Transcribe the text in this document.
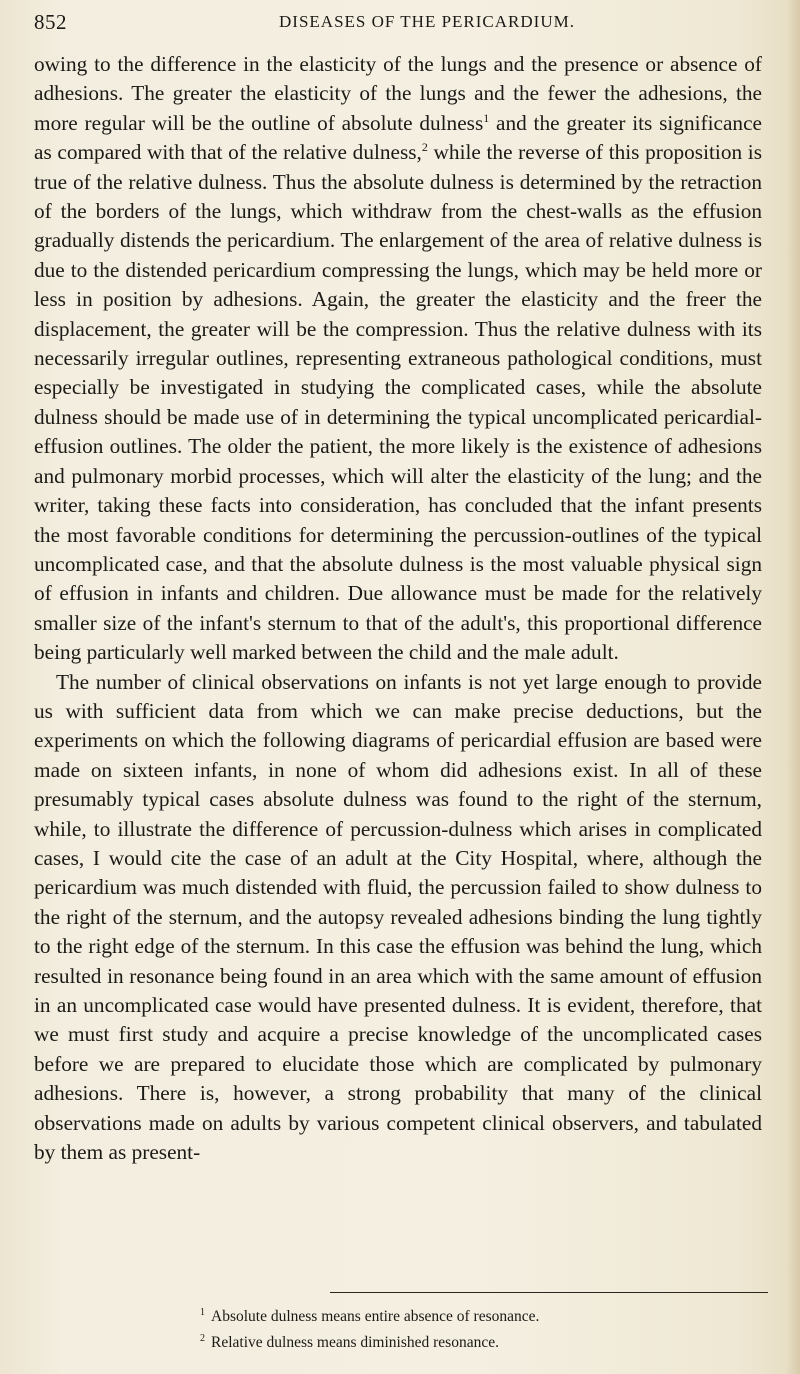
852	DISEASES OF THE PERICARDIUM.

owing to the difference in the elasticity of the lungs and the presence or absence of adhesions. The greater the elasticity of the lungs and the fewer the adhesions, the more regular will be the outline of absolute dulness$^1$ and the greater its significance as compared with that of the relative dulness,$^2$ while the reverse of this proposition is true of the relative dulness. Thus the absolute dulness is determined by the retraction of the borders of the lungs, which withdraw from the chest-walls as the effusion gradually distends the pericardium. The enlargement of the area of relative dulness is due to the distended pericardium compressing the lungs, which may be held more or less in position by adhesions. Again, the greater the elasticity and the freer the displacement, the greater will be the compression. Thus the relative dulness with its necessarily irregular outlines, representing extraneous pathological conditions, must especially be investigated in studying the complicated cases, while the absolute dulness should be made use of in determining the typical uncomplicated pericardial-effusion outlines. The older the patient, the more likely is the existence of adhesions and pulmonary morbid processes, which will alter the elasticity of the lung; and the writer, taking these facts into consideration, has concluded that the infant presents the most favorable conditions for determining the percussion-outlines of the typical uncomplicated case, and that the absolute dulness is the most valuable physical sign of effusion in infants and children. Due allowance must be made for the relatively smaller size of the infant's sternum to that of the adult's, this proportional difference being particularly well marked between the child and the male adult.

The number of clinical observations on infants is not yet large enough to provide us with sufficient data from which we can make precise deductions, but the experiments on which the following diagrams of pericardial effusion are based were made on sixteen infants, in none of whom did adhesions exist. In all of these presumably typical cases absolute dulness was found to the right of the sternum, while, to illustrate the difference of percussion-dulness which arises in complicated cases, I would cite the case of an adult at the City Hospital, where, although the pericardium was much distended with fluid, the percussion failed to show dulness to the right of the sternum, and the autopsy revealed adhesions binding the lung tightly to the right edge of the sternum. In this case the effusion was behind the lung, which resulted in resonance being found in an area which with the same amount of effusion in an uncomplicated case would have presented dulness. It is evident, therefore, that we must first study and acquire a precise knowledge of the uncomplicated cases before we are prepared to elucidate those which are complicated by pulmonary adhesions. There is, however, a strong probability that many of the clinical observations made on adults by various competent clinical observers, and tabulated by them as present-

$^1$ Absolute dulness means entire absence of resonance.
$^2$ Relative dulness means diminished resonance.
